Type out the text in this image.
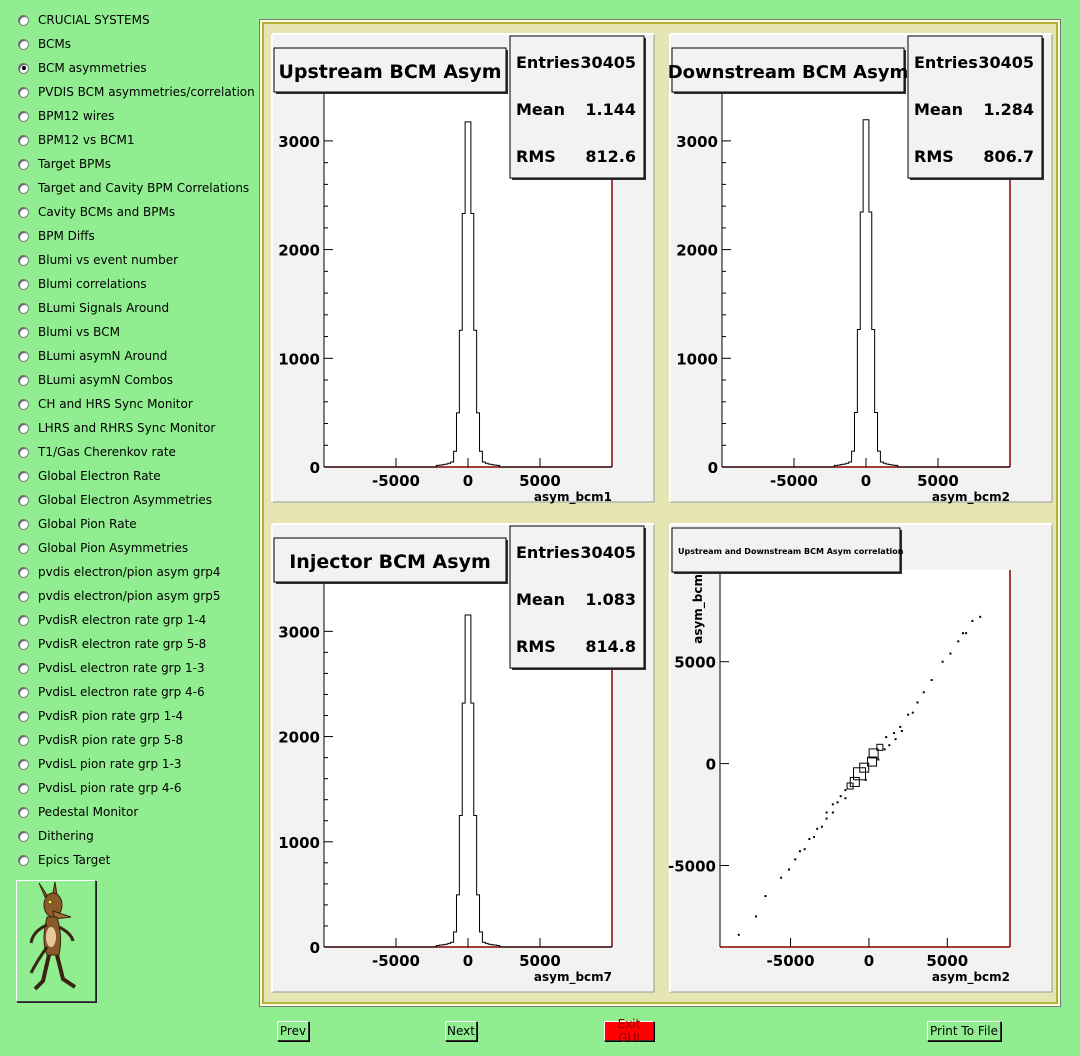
CRUCIAL SYSTEMS
BCMs
BCM asymmetries
PVDIS BCM asymmetries/correlation
BPM12 wires
BPM12 vs BCM1
Target BPMs
Target and Cavity BPM Correlations
Cavity BCMs and BPMs
BPM Diffs
Blumi vs event number
Blumi correlations
BLumi Signals Around
Blumi vs BCM
BLumi asymN Around
BLumi asymN Combos
CH and HRS Sync Monitor
LHRS and RHRS Sync Monitor
T1/Gas Cherenkov rate
Global Electron Rate
Global Electron Asymmetries
Global Pion Rate
Global Pion Asymmetries
pvdis electron/pion asym grp4
pvdis electron/pion asym grp5
PvdisR electron rate grp 1-4
PvdisR electron rate grp 5-8
PvdisL electron rate grp 1-3
PvdisL electron rate grp 4-6
PvdisR pion rate grp 1-4
PvdisR pion rate grp 5-8
PvdisL pion rate grp 1-3
PvdisL pion rate grp 4-6
Pedestal Monitor
Dithering
Epics Target
0
1000
2000
3000
-5000	0	5000
asym_bcm1
Upstream BCM Asym Entries 30405
Mean 1.144
RMS 812.6
0
1000
2000
3000
-5000	0	5000
asym_bcm2
Downstream BCM Asym Entries 30405
Mean 1.284
RMS 806.7
0
1000
2000
3000
-5000	0	5000
asym_bcm7
Injector BCM Asym Entries 30405
Mean 1.083
RMS 814.8
-5000
0
5000
-5000	0	5000
asym_bcm2
asym_bcm
Upstream and Downstream BCM Asym correlation
Prev	Next	Exit GUI	Print To File
